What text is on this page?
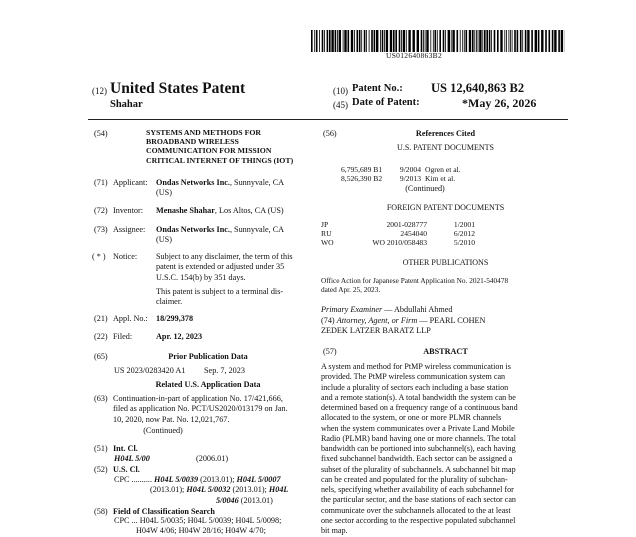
US012640863B2
(12) United States Patent
Shahar
(10) Patent No.: US 12,640,863 B2
(45) Date of Patent:	*May 26, 2026
(54)	SYSTEMS AND METHODS FOR
BROADBAND WIRELESS
COMMUNICATION FOR MISSION
CRITICAL INTERNET OF THINGS (IOT)
(71) Applicant: Ondas Networks Inc., Sunnyvale, CA
(US)
(72) Inventor: Menashe Shahar, Los Altos, CA (US)
(73) Assignee: Ondas Networks Inc., Sunnyvale, CA
(US)
( * ) Notice: Subject to any disclaimer, the term of this
patent is extended or adjusted under 35
U.S.C. 154(b) by 351 days.
This patent is subject to a terminal dis-
claimer.
(21) Appl. No.: 18/299,378
(22) Filed:	Apr. 12, 2023
(65)	Prior Publication Data
US 2023/0283420 A1 Sep. 7, 2023
Related U.S. Application Data
(63) Continuation-in-part of application No. 17/421,666,
filed as application No. PCT/US2020/013179 on Jan.
10, 2020, now Pat. No. 12,021,767.
(Continued)
(51) Int. Cl.
H04L 5/00	(2006.01)
(52) U.S. Cl.
CPC .......... H04L 5/0039 (2013.01); H04L 5/0007
(2013.01); H04L 5/0032 (2013.01); H04L
5/0046 (2013.01)
(58) Field of Classification Search
CPC ... H04L 5/0035; H04L 5/0039; H04L 5/0098;
H04W 4/06; H04W 28/16; H04W 4/70;
(56)	References Cited
U.S. PATENT DOCUMENTS
6,795,689 B1	9/2004	Ogren et al.
8,526,390 B2	9/2013	Kim et al.
(Continued)
FOREIGN PATENT DOCUMENTS
JP	2001-028777	1/2001
RU	2454040	6/2012
WO	WO 2010/058483	5/2010
OTHER PUBLICATIONS
Office Action for Japanese Patent Application No. 2021-540478
dated Apr. 25, 2023.
Primary Examiner — Abdullahi Ahmed
(74) Attorney, Agent, or Firm — PEARL COHEN
ZEDEK LATZER BARATZ LLP
(57)	ABSTRACT
A system and method for PtMP wireless communication is
provided. The PtMP wireless communication system can
include a plurality of sectors each including a base station
and a remote station(s). A total bandwidth the system can be
determined based on a frequency range of a continuous band
allocated to the system, or one or more PLMR channels
when the system communicates over a Private Land Mobile
Radio (PLMR) band having one or more channels. The total
bandwidth can be portioned into subchannel(s), each having
fixed subchannel bandwidth. Each sector can be assigned a
subset of the plurality of subchannels. A subchannel bit map
can be created and populated for the plurality of subchan-
nels, specifying whether availability of each subchannel for
the particular sector, and the base stations of each sector can
communicate over the subchannels allocated to the at least
one sector according to the respective populated subchannel
bit map.
